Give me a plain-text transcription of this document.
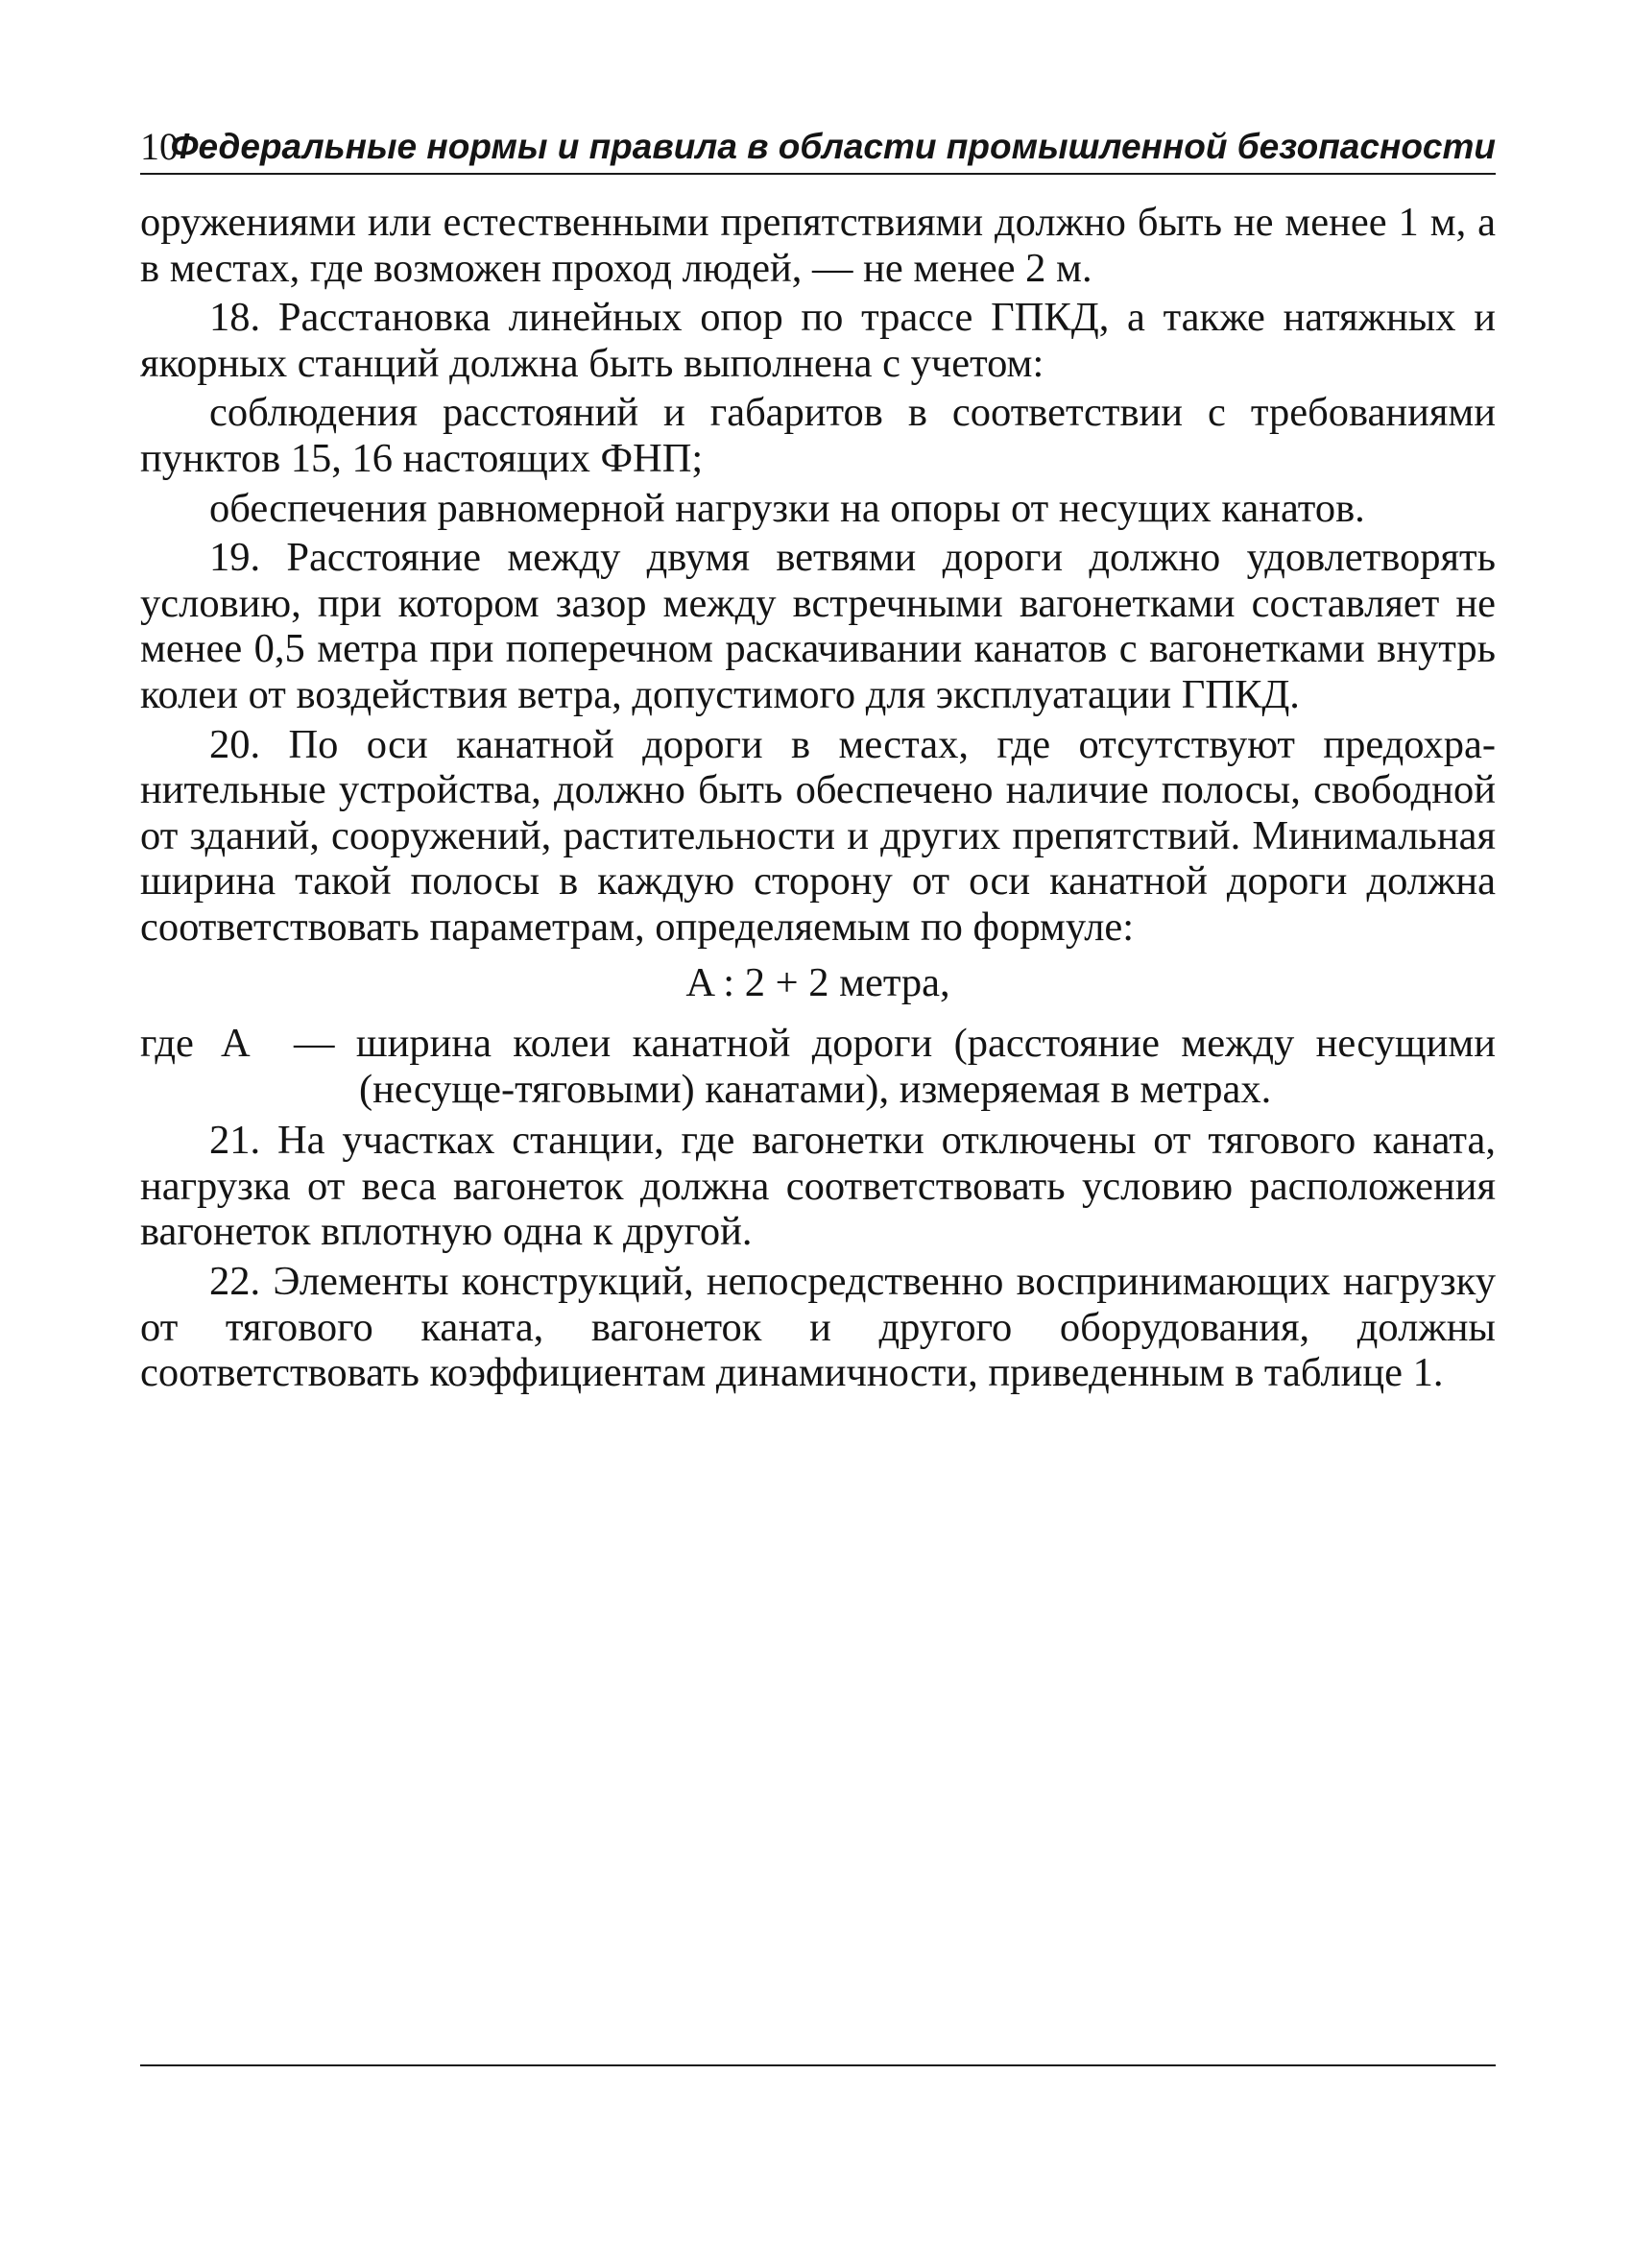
10
Федеральные нормы и правила в области промышленной безопасности

оружениями или естественными препятствиями должно быть не менее 1 м, а в местах, где возможен проход людей, — не менее 2 м.

18. Расстановка линейных опор по трассе ГПКД, а также натяжных и якорных станций должна быть выполнена с учетом:

соблюдения расстояний и габаритов в соответствии с требованиями пунктов 15, 16 настоящих ФНП;

обеспечения равномерной нагрузки на опоры от несущих канатов.

19. Расстояние между двумя ветвями дороги должно удовлетворять условию, при котором зазор между встречными вагонетками составляет не менее 0,5 метра при поперечном раскачивании канатов с вагонетками внутрь колеи от воздействия ветра, допустимого для эксплуатации ГПКД.

20. По оси канатной дороги в местах, где отсутствуют предохранительные устройства, должно быть обеспечено наличие полосы, свободной от зданий, сооружений, растительности и других препятствий. Минимальная ширина такой полосы в каждую сторону от оси канатной дороги должна соответствовать параметрам, определяемым по формуле:

A : 2 + 2 метра,
где А	— ширина колеи канатной дороги (расстояние между несущими (несуще-тяговыми) канатами), измеряемая в метрах.

21. На участках станции, где вагонетки отключены от тягового каната, нагрузка от веса вагонеток должна соответствовать условию расположения вагонеток вплотную одна к другой.

22. Элементы конструкций, непосредственно воспринимающих нагрузку от тягового каната, вагонеток и другого оборудования, должны соответствовать коэффициентам динамичности, приведенным в таблице 1.
